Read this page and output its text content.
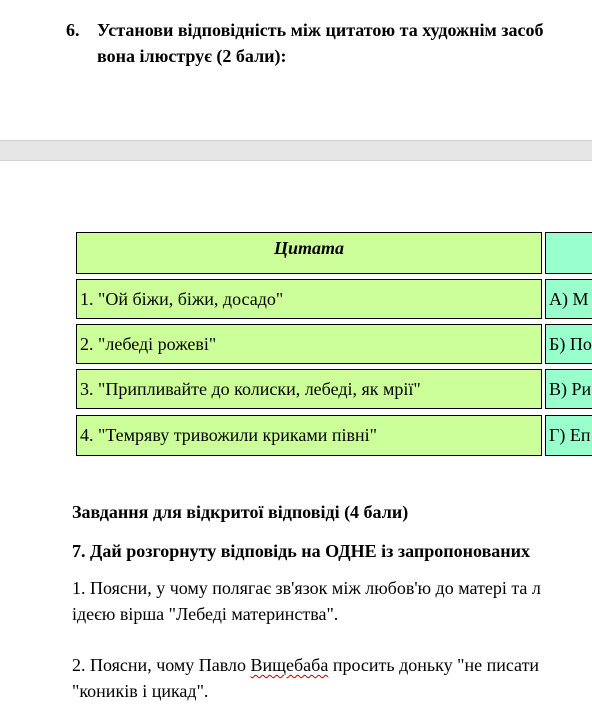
6. Установи відповідність між цитатою та художнім засоб
вона ілюструє (2 бали):
Цитата
1. "Ой біжи, біжи, досадо"	А) М
2. "лебеді рожеві"	Б) По
3. "Припливайте до колиски, лебеді, як мрії"	В) Ри
4. "Темряву тривожили криками півні"	Г) Еп
Завдання для відкритої відповіді (4 бали)
7. Дай розгорнуту відповідь на ОДНЕ із запропонованих
1. Поясни, у чому полягає зв'язок між любов'ю до матері та л
ідеєю вірша "Лебеді материнства".
2. Поясни, чому Павло Вищебаба просить доньку "не писати
"коників і цикад".
